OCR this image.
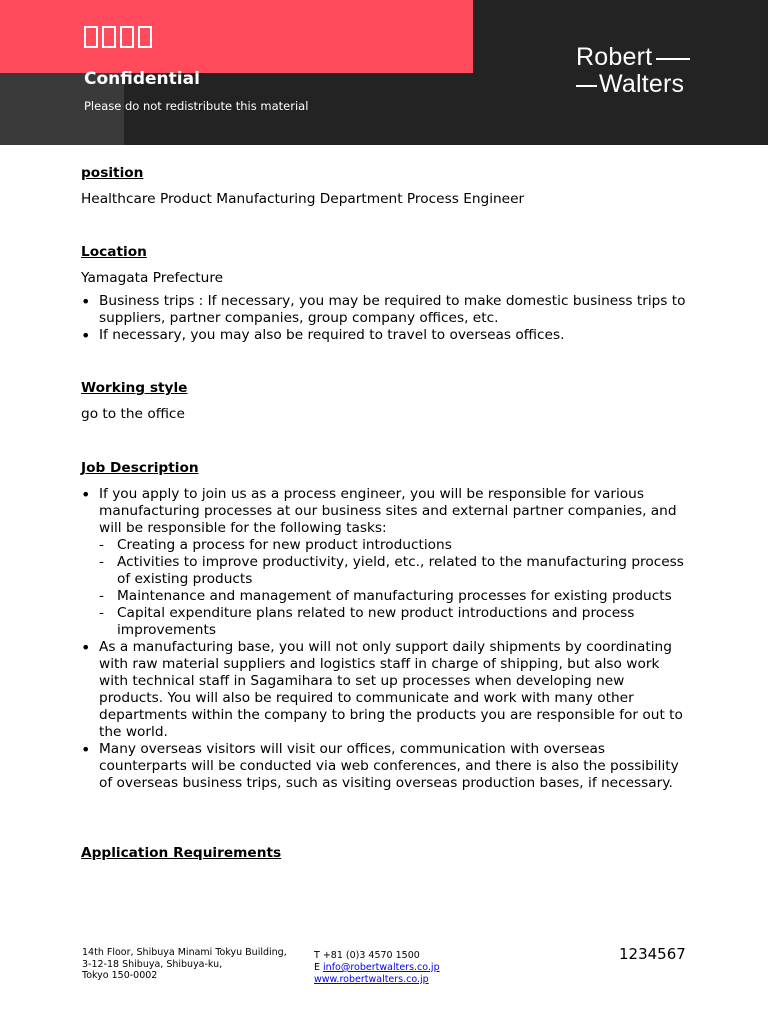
Confidential
Please do not redistribute this material
Robert
Walters

position

Healthcare Product Manufacturing Department Process Engineer

Location

Yamagata Prefecture

• Business trips : If necessary, you may be required to make domestic business trips to suppliers, partner companies, group company offices, etc.
• If necessary, you may also be required to travel to overseas offices.

Working style

go to the office

Job Description

• If you apply to join us as a process engineer, you will be responsible for various manufacturing processes at our business sites and external partner companies, and will be responsible for the following tasks:
- Creating a process for new product introductions
- Activities to improve productivity, yield, etc., related to the manufacturing process of existing products
- Maintenance and management of manufacturing processes for existing products
- Capital expenditure plans related to new product introductions and process improvements
• As a manufacturing base, you will not only support daily shipments by coordinating with raw material suppliers and logistics staff in charge of shipping, but also work with technical staff in Sagamihara to set up processes when developing new products. You will also be required to communicate and work with many other departments within the company to bring the products you are responsible for out to the world.
• Many overseas visitors will visit our offices, communication with overseas counterparts will be conducted via web conferences, and there is also the possibility of overseas business trips, such as visiting overseas production bases, if necessary.

Application Requirements

14th Floor, Shibuya Minami Tokyu Building,
3-12-18 Shibuya, Shibuya-ku,
Tokyo 150-0002
T +81 (0)3 4570 1500
E info@robertwalters.co.jp
www.robertwalters.co.jp
1234567
